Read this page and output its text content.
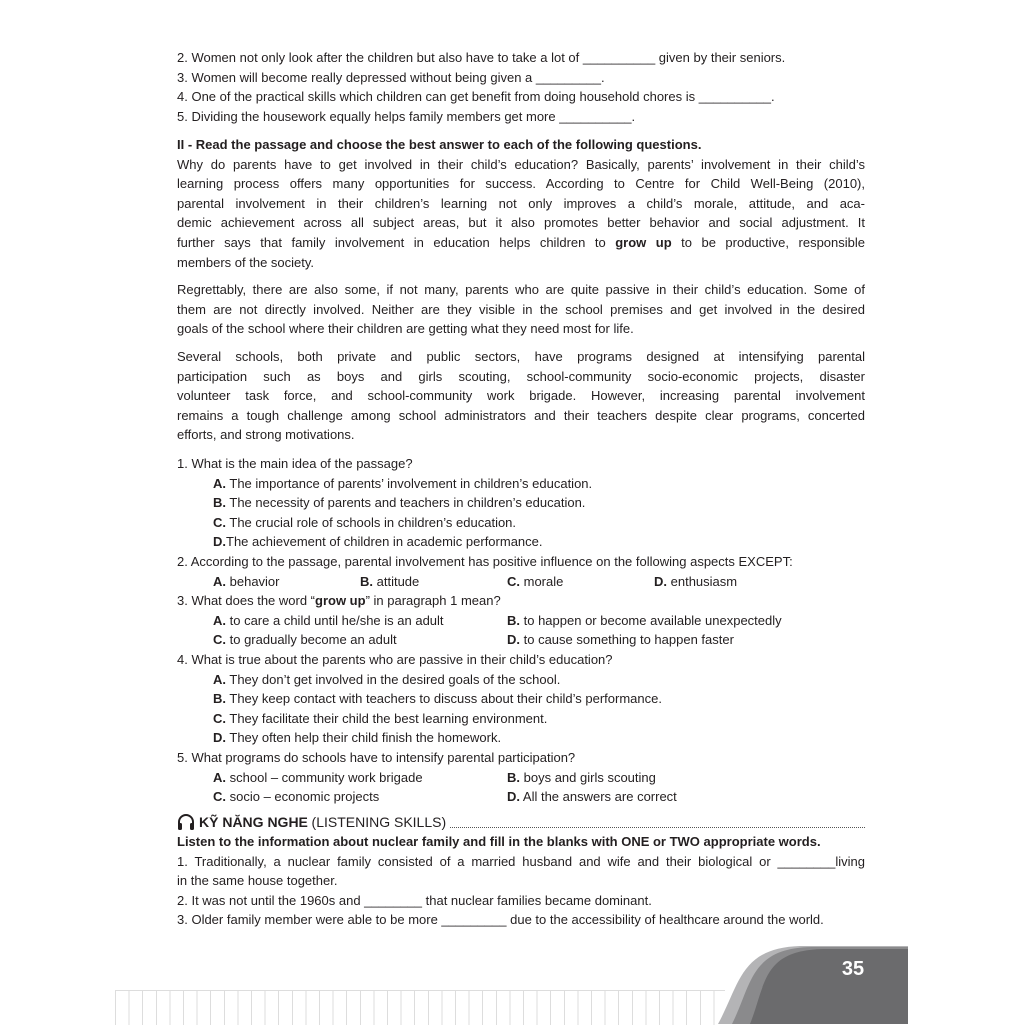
2. Women not only look after the children but also have to take a lot of __________ given by their seniors.
3. Women will become really depressed without being given a _________.
4. One of the practical skills which children can get benefit from doing household chores is __________.
5. Dividing the housework equally helps family members get more __________.
II - Read the passage and choose the best answer to each of the following questions.
Why do parents have to get involved in their child’s education? Basically, parents’ involvement in their child’s
learning process offers many opportunities for success. According to Centre for Child Well-Being (2010),
parental involvement in their children’s learning not only improves a child’s morale, attitude, and aca-
demic achievement across all subject areas, but it also promotes better behavior and social adjustment. It
further says that family involvement in education helps children to grow up to be productive, responsible
members of the society.
Regrettably, there are also some, if not many, parents who are quite passive in their child’s education. Some of
them are not directly involved. Neither are they visible in the school premises and get involved in the desired
goals of the school where their children are getting what they need most for life.
Several schools, both private and public sectors, have programs designed at intensifying parental
participation such as boys and girls scouting, school-community socio-economic projects, disaster
volunteer task force, and school-community work brigade. However, increasing parental involvement
remains a tough challenge among school administrators and their teachers despite clear programs, concerted
efforts, and strong motivations.
1. What is the main idea of the passage?
A. The importance of parents’ involvement in children’s education.
B. The necessity of parents and teachers in children’s education.
C. The crucial role of schools in children’s education.
D.The achievement of children in academic performance.
2. According to the passage, parental involvement has positive influence on the following aspects EXCEPT:
A. behavior	B. attitude	C. morale	D. enthusiasm
3. What does the word “grow up” in paragraph 1 mean?
A. to care a child until he/she is an adult	B. to happen or become available unexpectedly
C. to gradually become an adult	D. to cause something to happen faster
4. What is true about the parents who are passive in their child’s education?
A. They don’t get involved in the desired goals of the school.
B. They keep contact with teachers to discuss about their child’s performance.
C. They facilitate their child the best learning environment.
D. They often help their child finish the homework.
5. What programs do schools have to intensify parental participation?
A. school – community work brigade	B. boys and girls scouting
C. socio – economic projects	D. All the answers are correct
KỸ NĂNG NGHE
(LISTENING SKILLS)
Listen to the information about nuclear family and fill in the blanks with ONE or TWO appropriate words.
1. Traditionally, a nuclear family consisted of a married husband and wife and their biological or ________living
in the same house together.
2. It was not until the 1960s and ________ that nuclear families became dominant.
3. Older family member were able to be more _________ due to the accessibility of healthcare around the world.
35
